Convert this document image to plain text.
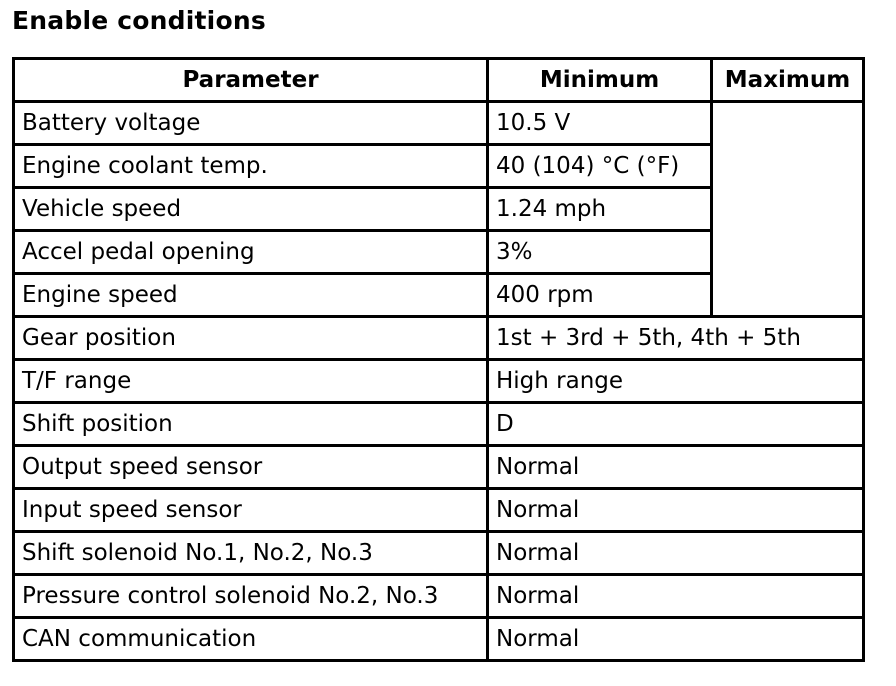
Enable conditions
Parameter	Minimum	Maximum
Battery voltage	10.5 V	
Engine coolant temp.	40 (104) °C (°F)	
Vehicle speed	1.24 mph	
Accel pedal opening	3%	
Engine speed	400 rpm	
Gear position	1st + 3rd + 5th, 4th + 5th	
T/F range	High range	
Shift position	D	
Output speed sensor	Normal	
Input speed sensor	Normal	
Shift solenoid No.1, No.2, No.3	Normal	
Pressure control solenoid No.2, No.3	Normal	
CAN communication	Normal	
